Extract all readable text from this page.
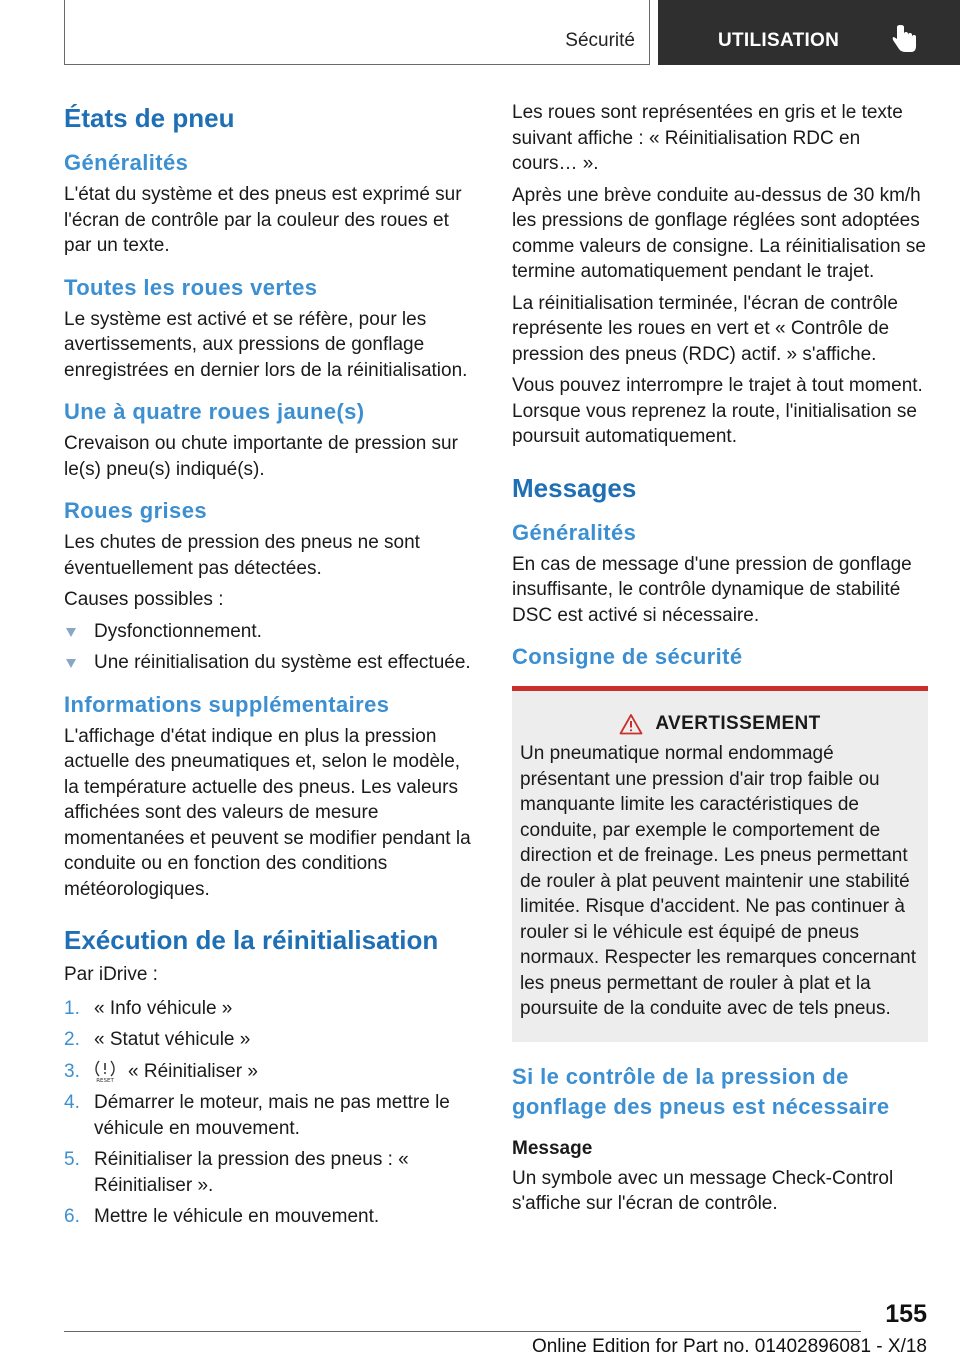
Sécurité	UTILISATION
États de pneu
Généralités
L'état du système et des pneus est exprimé sur l'écran de contrôle par la couleur des roues et par un texte.
Toutes les roues vertes
Le système est activé et se réfère, pour les avertissements, aux pressions de gonflage enregistrées en dernier lors de la réinitialisation.
Une à quatre roues jaune(s)
Crevaison ou chute importante de pression sur le(s) pneu(s) indiqué(s).
Roues grises
Les chutes de pression des pneus ne sont éventuellement pas détectées.
Causes possibles :
Dysfonctionnement.
Une réinitialisation du système est effectuée.
Informations supplémentaires
L'affichage d'état indique en plus la pression actuelle des pneumatiques et, selon le modèle, la température actuelle des pneus. Les valeurs affichées sont des valeurs de mesure momentanées et peuvent se modifier pendant la conduite ou en fonction des conditions météorologiques.
Exécution de la réinitialisation
Par iDrive :
1. « Info véhicule »
2. « Statut véhicule »
3.	RESET « Réinitialiser »
4. Démarrer le moteur, mais ne pas mettre le véhicule en mouvement.
5. Réinitialiser la pression des pneus : « Réinitialiser ».
6. Mettre le véhicule en mouvement.
Les roues sont représentées en gris et le texte suivant affiche : « Réinitialisation RDC en cours… ».
Après une brève conduite au-dessus de 30 km/h les pressions de gonflage réglées sont adoptées comme valeurs de consigne. La réinitialisation se termine automatiquement pendant le trajet.
La réinitialisation terminée, l'écran de contrôle représente les roues en vert et « Contrôle de pression des pneus (RDC) actif. » s'affiche.
Vous pouvez interrompre le trajet à tout moment. Lorsque vous reprenez la route, l'initialisation se poursuit automatiquement.
Messages
Généralités
En cas de message d'une pression de gonflage insuffisante, le contrôle dynamique de stabilité DSC est activé si nécessaire.
Consigne de sécurité
AVERTISSEMENT
Un pneumatique normal endommagé présentant une pression d'air trop faible ou manquante limite les caractéristiques de conduite, par exemple le comportement de direction et de freinage. Les pneus permettant de rouler à plat peuvent maintenir une stabilité limitée. Risque d'accident. Ne pas continuer à rouler si le véhicule est équipé de pneus normaux. Respecter les remarques concernant les pneus permettant de rouler à plat et la poursuite de la conduite avec de tels pneus.
Si le contrôle de la pression de gonflage des pneus est nécessaire
Message
Un symbole avec un message Check-Control s'affiche sur l'écran de contrôle.
155
Online Edition for Part no. 01402896081 - X/18
